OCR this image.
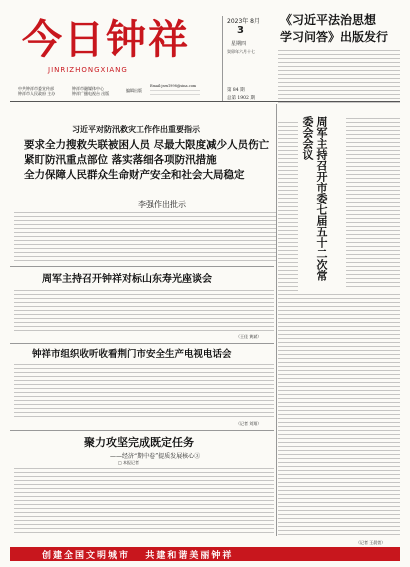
今日钟祥
JINRIZHONGXIANG
中共钟祥市委宣传部
钟祥市人民政府 主办
钟祥市融媒体中心
钟祥广播电视台 出版
编辑出版
Email:jrzx1998@sina.com
2023年 8月
3
星期四
癸卯年六月十七
第 84 期
总第 1902 期
《习近平法治思想
学习问答》出版发行
习近平对防汛救灾工作作出重要指示
要求全力搜救失联被困人员 尽最大限度减少人员伤亡
紧盯防汛重点部位 落实落细各项防汛措施
全力保障人民群众生命财产安全和社会大局稳定
李强作出批示	周军主持召开市委七届五十二次常委会会议
周军主持召开钟祥对标山东寿光座谈会
（王佳 黄斌）
钟祥市组织收听收看荆门市安全生产电视电话会
（记者 刘翔）
聚力攻坚完成既定任务
——经济“期中卷”提质发展核心③
□ 本报记者
（记者 王晨萱）
创建全国文明城市   共建和谐美丽钟祥
